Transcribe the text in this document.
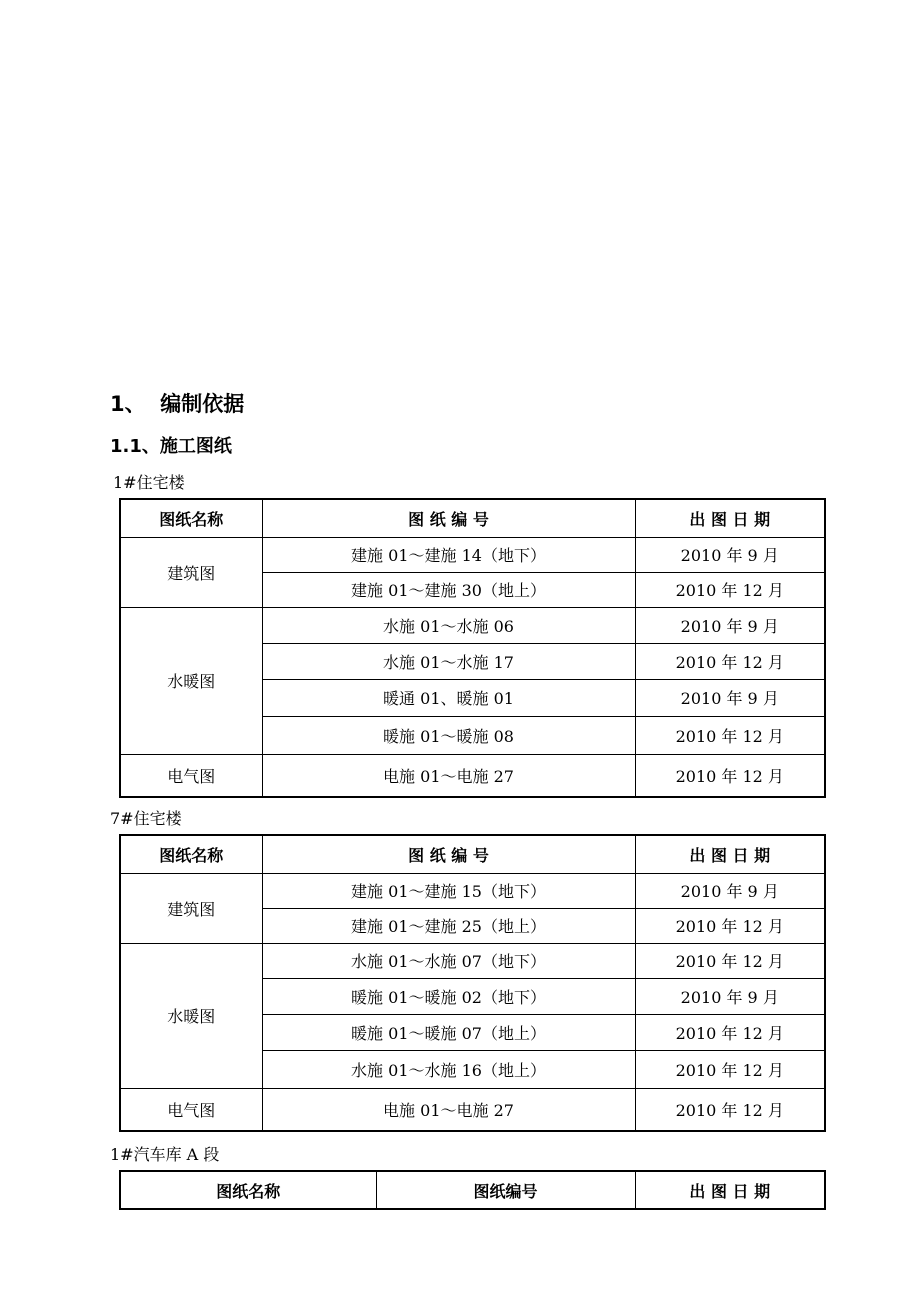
1、 编制依据
1.1、施工图纸
1#住宅楼
图纸名称	图 纸 编 号	出 图 日 期
建筑图	建施 01～建施 14（地下）	2010 年 9 月
	建施 01～建施 30（地上）	2010 年 12 月
水暖图	水施 01～水施 06	2010 年 9 月
	水施 01～水施 17	2010 年 12 月
	暖通 01、暖施 01	2010 年 9 月
	暖施 01～暖施 08	2010 年 12 月
电气图	电施 01～电施 27	2010 年 12 月
7#住宅楼
图纸名称	图 纸 编 号	出 图 日 期
建筑图	建施 01～建施 15（地下）	2010 年 9 月
	建施 01～建施 25（地上）	2010 年 12 月
水暖图	水施 01～水施 07（地下）	2010 年 12 月
	暖施 01～暖施 02（地下）	2010 年 9 月
	暖施 01～暖施 07（地上）	2010 年 12 月
	水施 01～水施 16（地上）	2010 年 12 月
电气图	电施 01～电施 27	2010 年 12 月
1#汽车库 A 段
图纸名称	图纸编号	出 图 日 期
